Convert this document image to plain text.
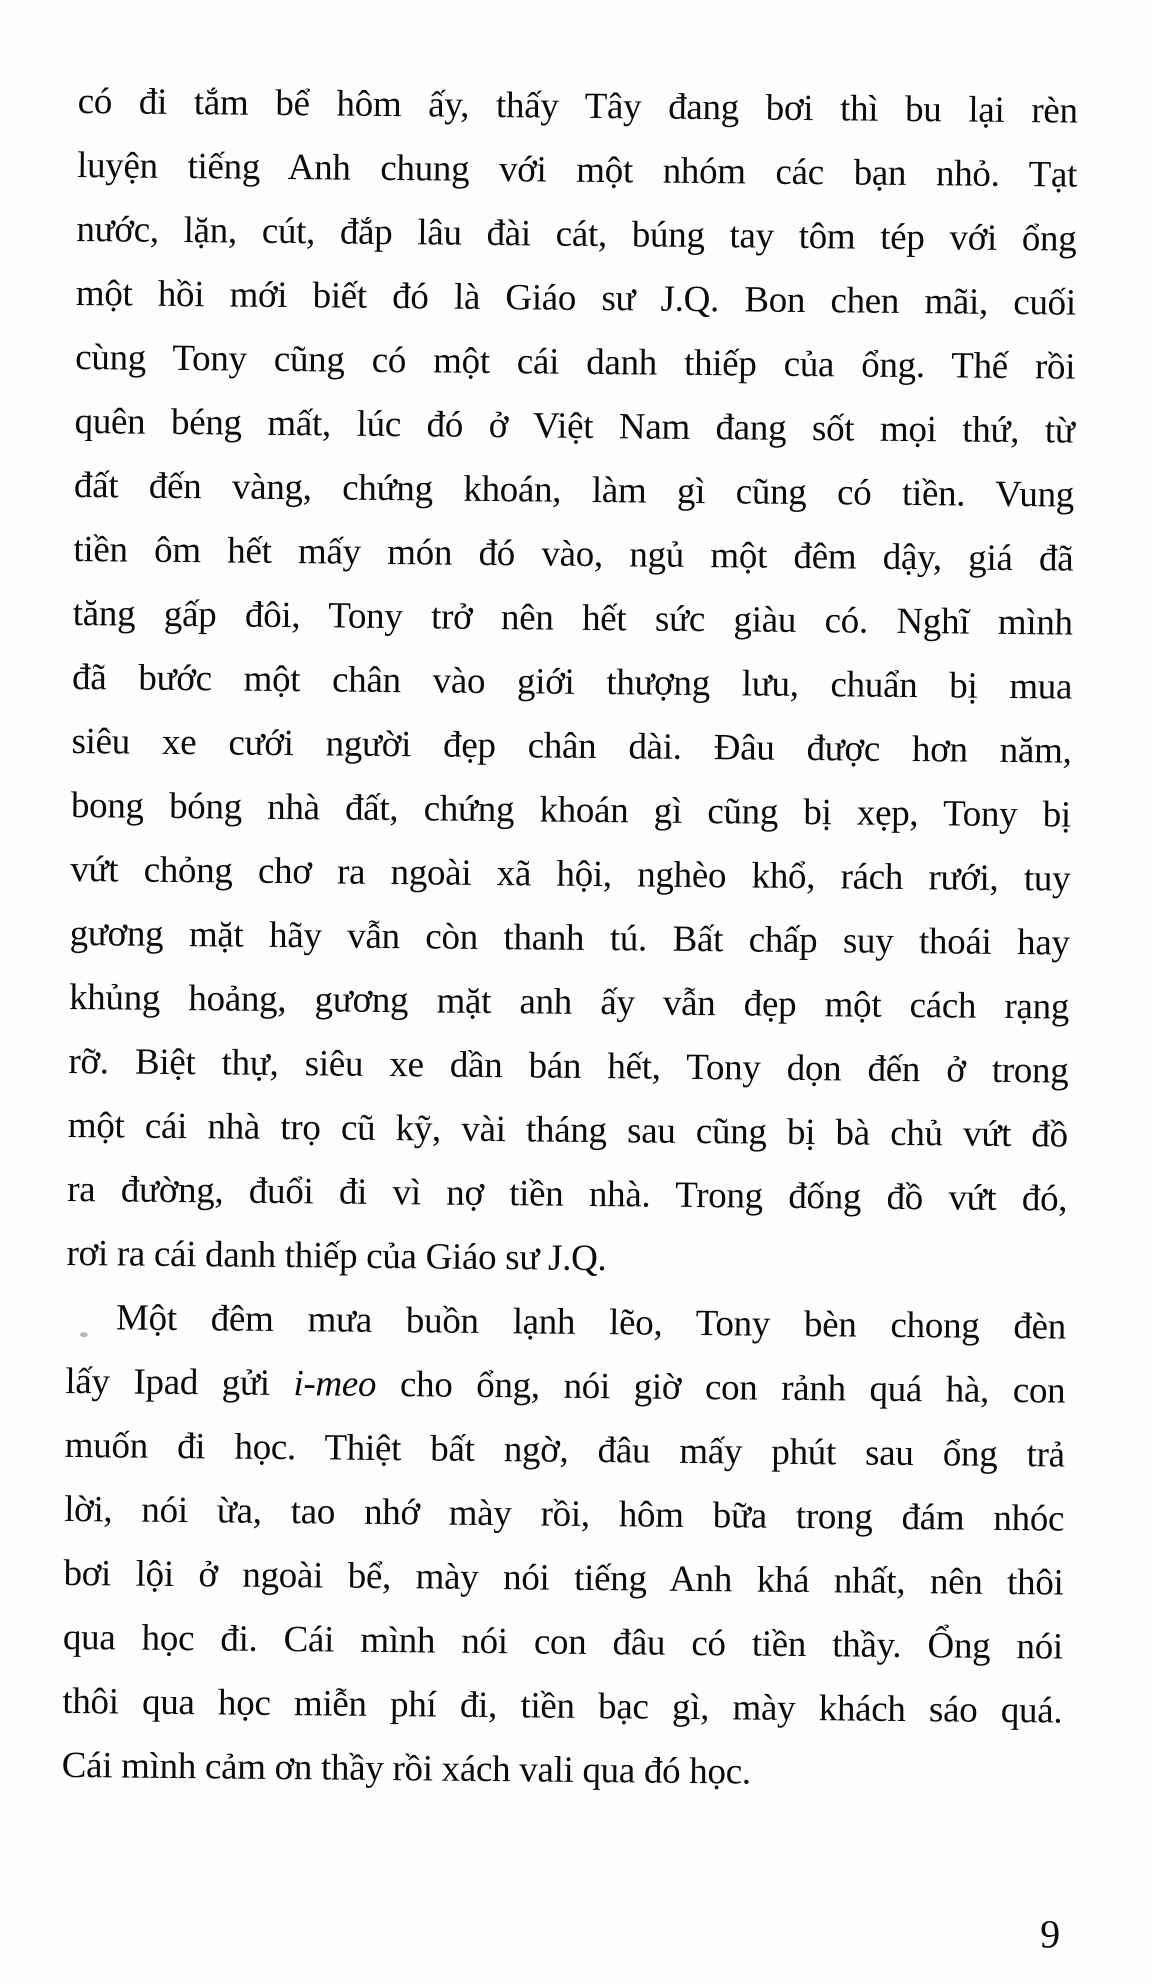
có đi tắm bể hôm ấy, thấy Tây đang bơi thì bu lại rèn
luyện tiếng Anh chung với một nhóm các bạn nhỏ. Tạt
nước, lặn, cút, đắp lâu đài cát, búng tay tôm tép với ổng
một hồi mới biết đó là Giáo sư J.Q. Bon chen mãi, cuối
cùng Tony cũng có một cái danh thiếp của ổng. Thế rồi
quên béng mất, lúc đó ở Việt Nam đang sốt mọi thứ, từ
đất đến vàng, chứng khoán, làm gì cũng có tiền. Vung
tiền ôm hết mấy món đó vào, ngủ một đêm dậy, giá đã
tăng gấp đôi, Tony trở nên hết sức giàu có. Nghĩ mình
đã bước một chân vào giới thượng lưu, chuẩn bị mua
siêu xe cưới người đẹp chân dài. Đâu được hơn năm,
bong bóng nhà đất, chứng khoán gì cũng bị xẹp, Tony bị
vứt chỏng chơ ra ngoài xã hội, nghèo khổ, rách rưới, tuy
gương mặt hãy vẫn còn thanh tú. Bất chấp suy thoái hay
khủng hoảng, gương mặt anh ấy vẫn đẹp một cách rạng
rỡ. Biệt thự, siêu xe dần bán hết, Tony dọn đến ở trong
một cái nhà trọ cũ kỹ, vài tháng sau cũng bị bà chủ vứt đồ
ra đường, đuổi đi vì nợ tiền nhà. Trong đống đồ vứt đó,
rơi ra cái danh thiếp của Giáo sư J.Q.
Một đêm mưa buồn lạnh lẽo, Tony bèn chong đèn
lấy Ipad gửi i-meo cho ổng, nói giờ con rảnh quá hà, con
muốn đi học. Thiệt bất ngờ, đâu mấy phút sau ổng trả
lời, nói ừa, tao nhớ mày rồi, hôm bữa trong đám nhóc
bơi lội ở ngoài bể, mày nói tiếng Anh khá nhất, nên thôi
qua học đi. Cái mình nói con đâu có tiền thầy. Ổng nói
thôi qua học miễn phí đi, tiền bạc gì, mày khách sáo quá.
Cái mình cảm ơn thầy rồi xách vali qua đó học.
9
